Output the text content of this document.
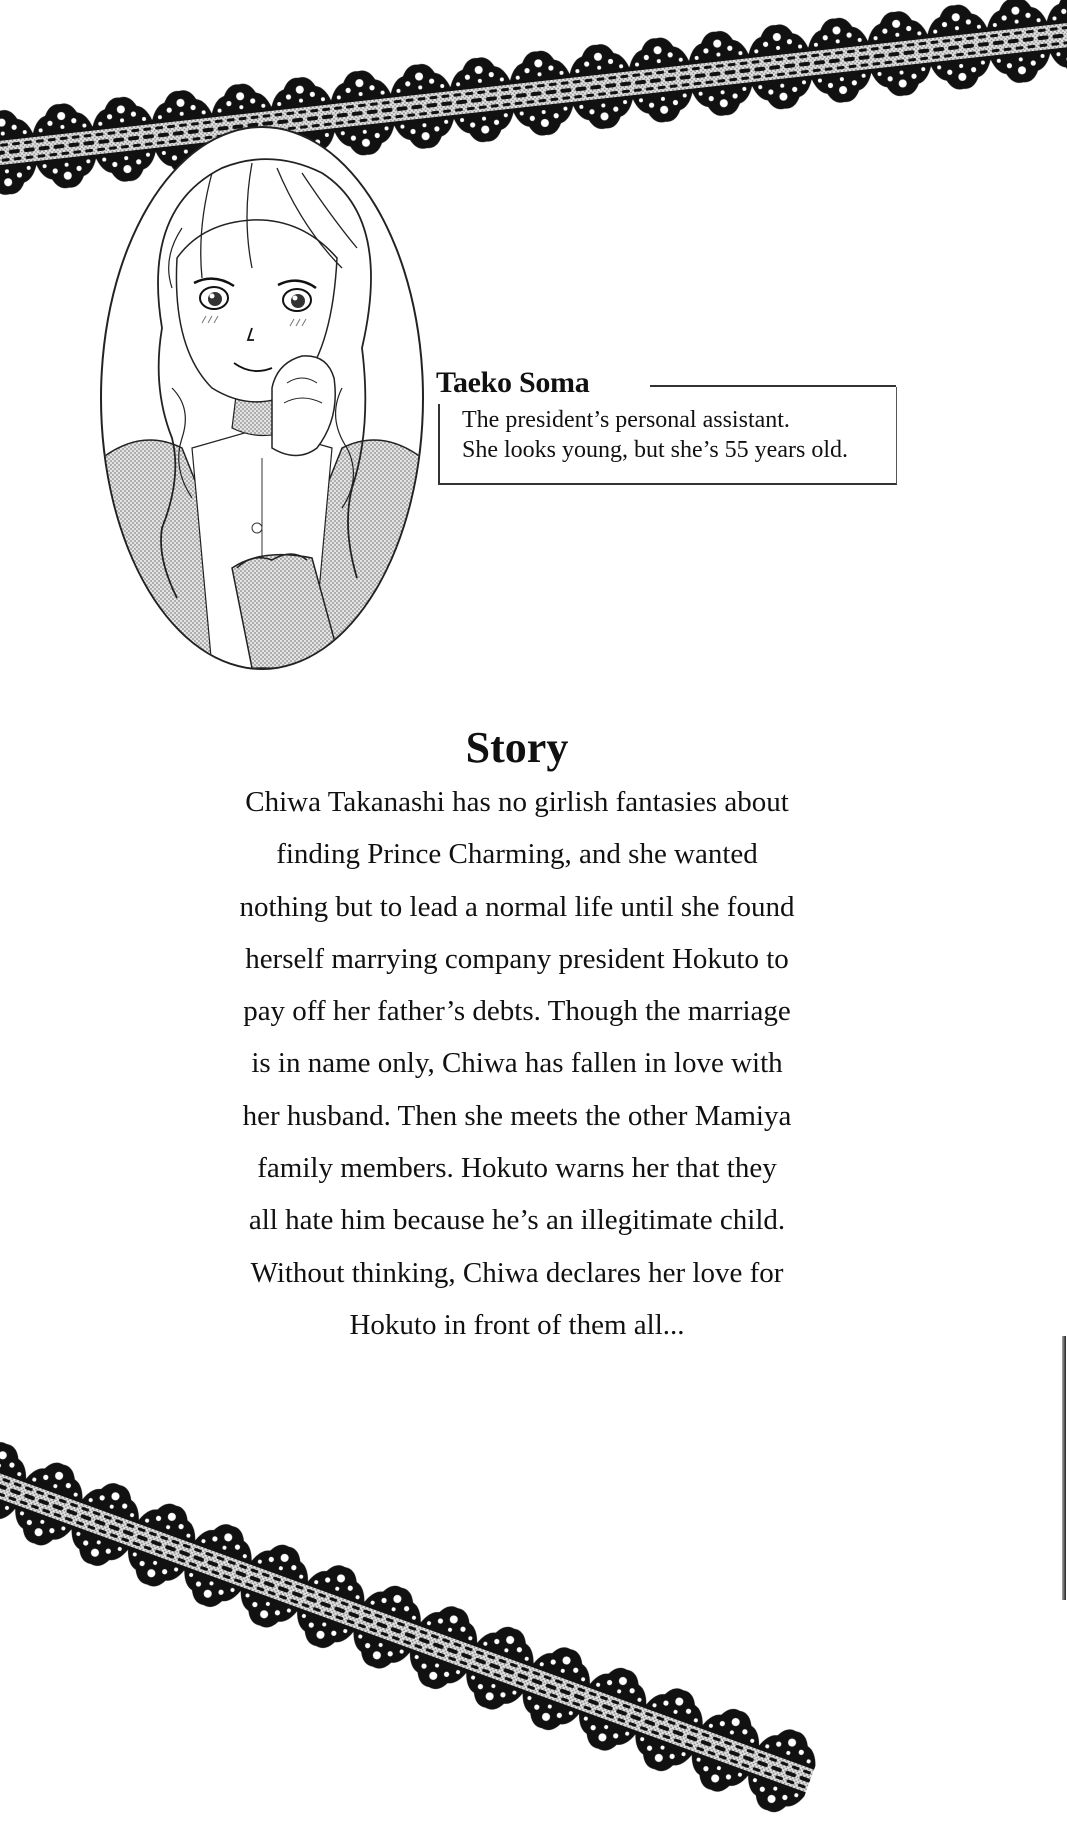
Taeko Soma
The president’s personal assistant.
She looks young, but she’s 55 years old.
Story
Chiwa Takanashi has no girlish fantasies about
finding Prince Charming, and she wanted
nothing but to lead a normal life until she found
herself marrying company president Hokuto to
pay off her father’s debts. Though the marriage
is in name only, Chiwa has fallen in love with
her husband. Then she meets the other Mamiya
family members. Hokuto warns her that they
all hate him because he’s an illegitimate child.
Without thinking, Chiwa declares her love for
Hokuto in front of them all...
